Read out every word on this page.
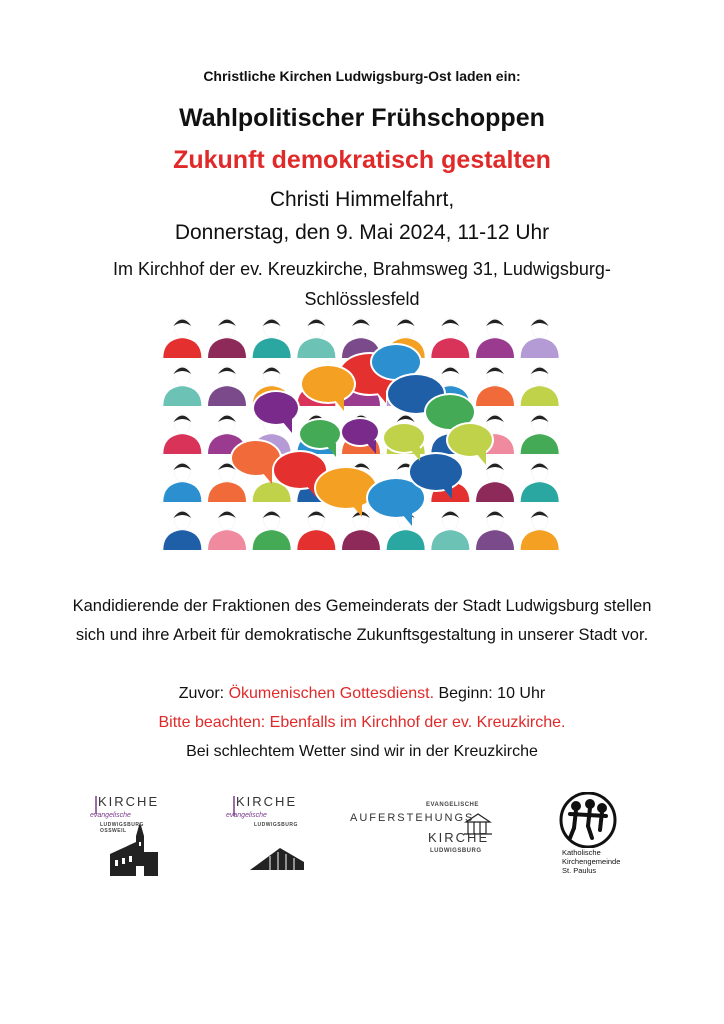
Christliche Kirchen Ludwigsburg-Ost laden ein:
Wahlpolitischer Frühschoppen
Zukunft demokratisch gestalten
Christi Himmelfahrt,
Donnerstag, den 9. Mai 2024, 11-12 Uhr
Im Kirchhof der ev. Kreuzkirche, Brahmsweg 31, Ludwigsburg-Schlösslesfeld
Kandidierende der Fraktionen des Gemeinderats der Stadt Ludwigsburg stellen sich und ihre Arbeit für demokratische Zukunftsgestaltung in unserer Stadt vor.
Zuvor: Ökumenischen Gottesdienst. Beginn: 10 Uhr
Bitte beachten: Ebenfalls im Kirchhof der ev. Kreuzkirche.
Bei schlechtem Wetter sind wir in der Kreuzkirche
KIRCHE
evangelische
LUDWIGSBURG OSSWEIL
KIRCHE
evangelische
LUDWIGSBURG
EVANGELISCHE
AUFERSTEHUNGS
KIRCHE
LUDWIGSBURG	Katholische
Kirchengemeinde
St. Paulus
